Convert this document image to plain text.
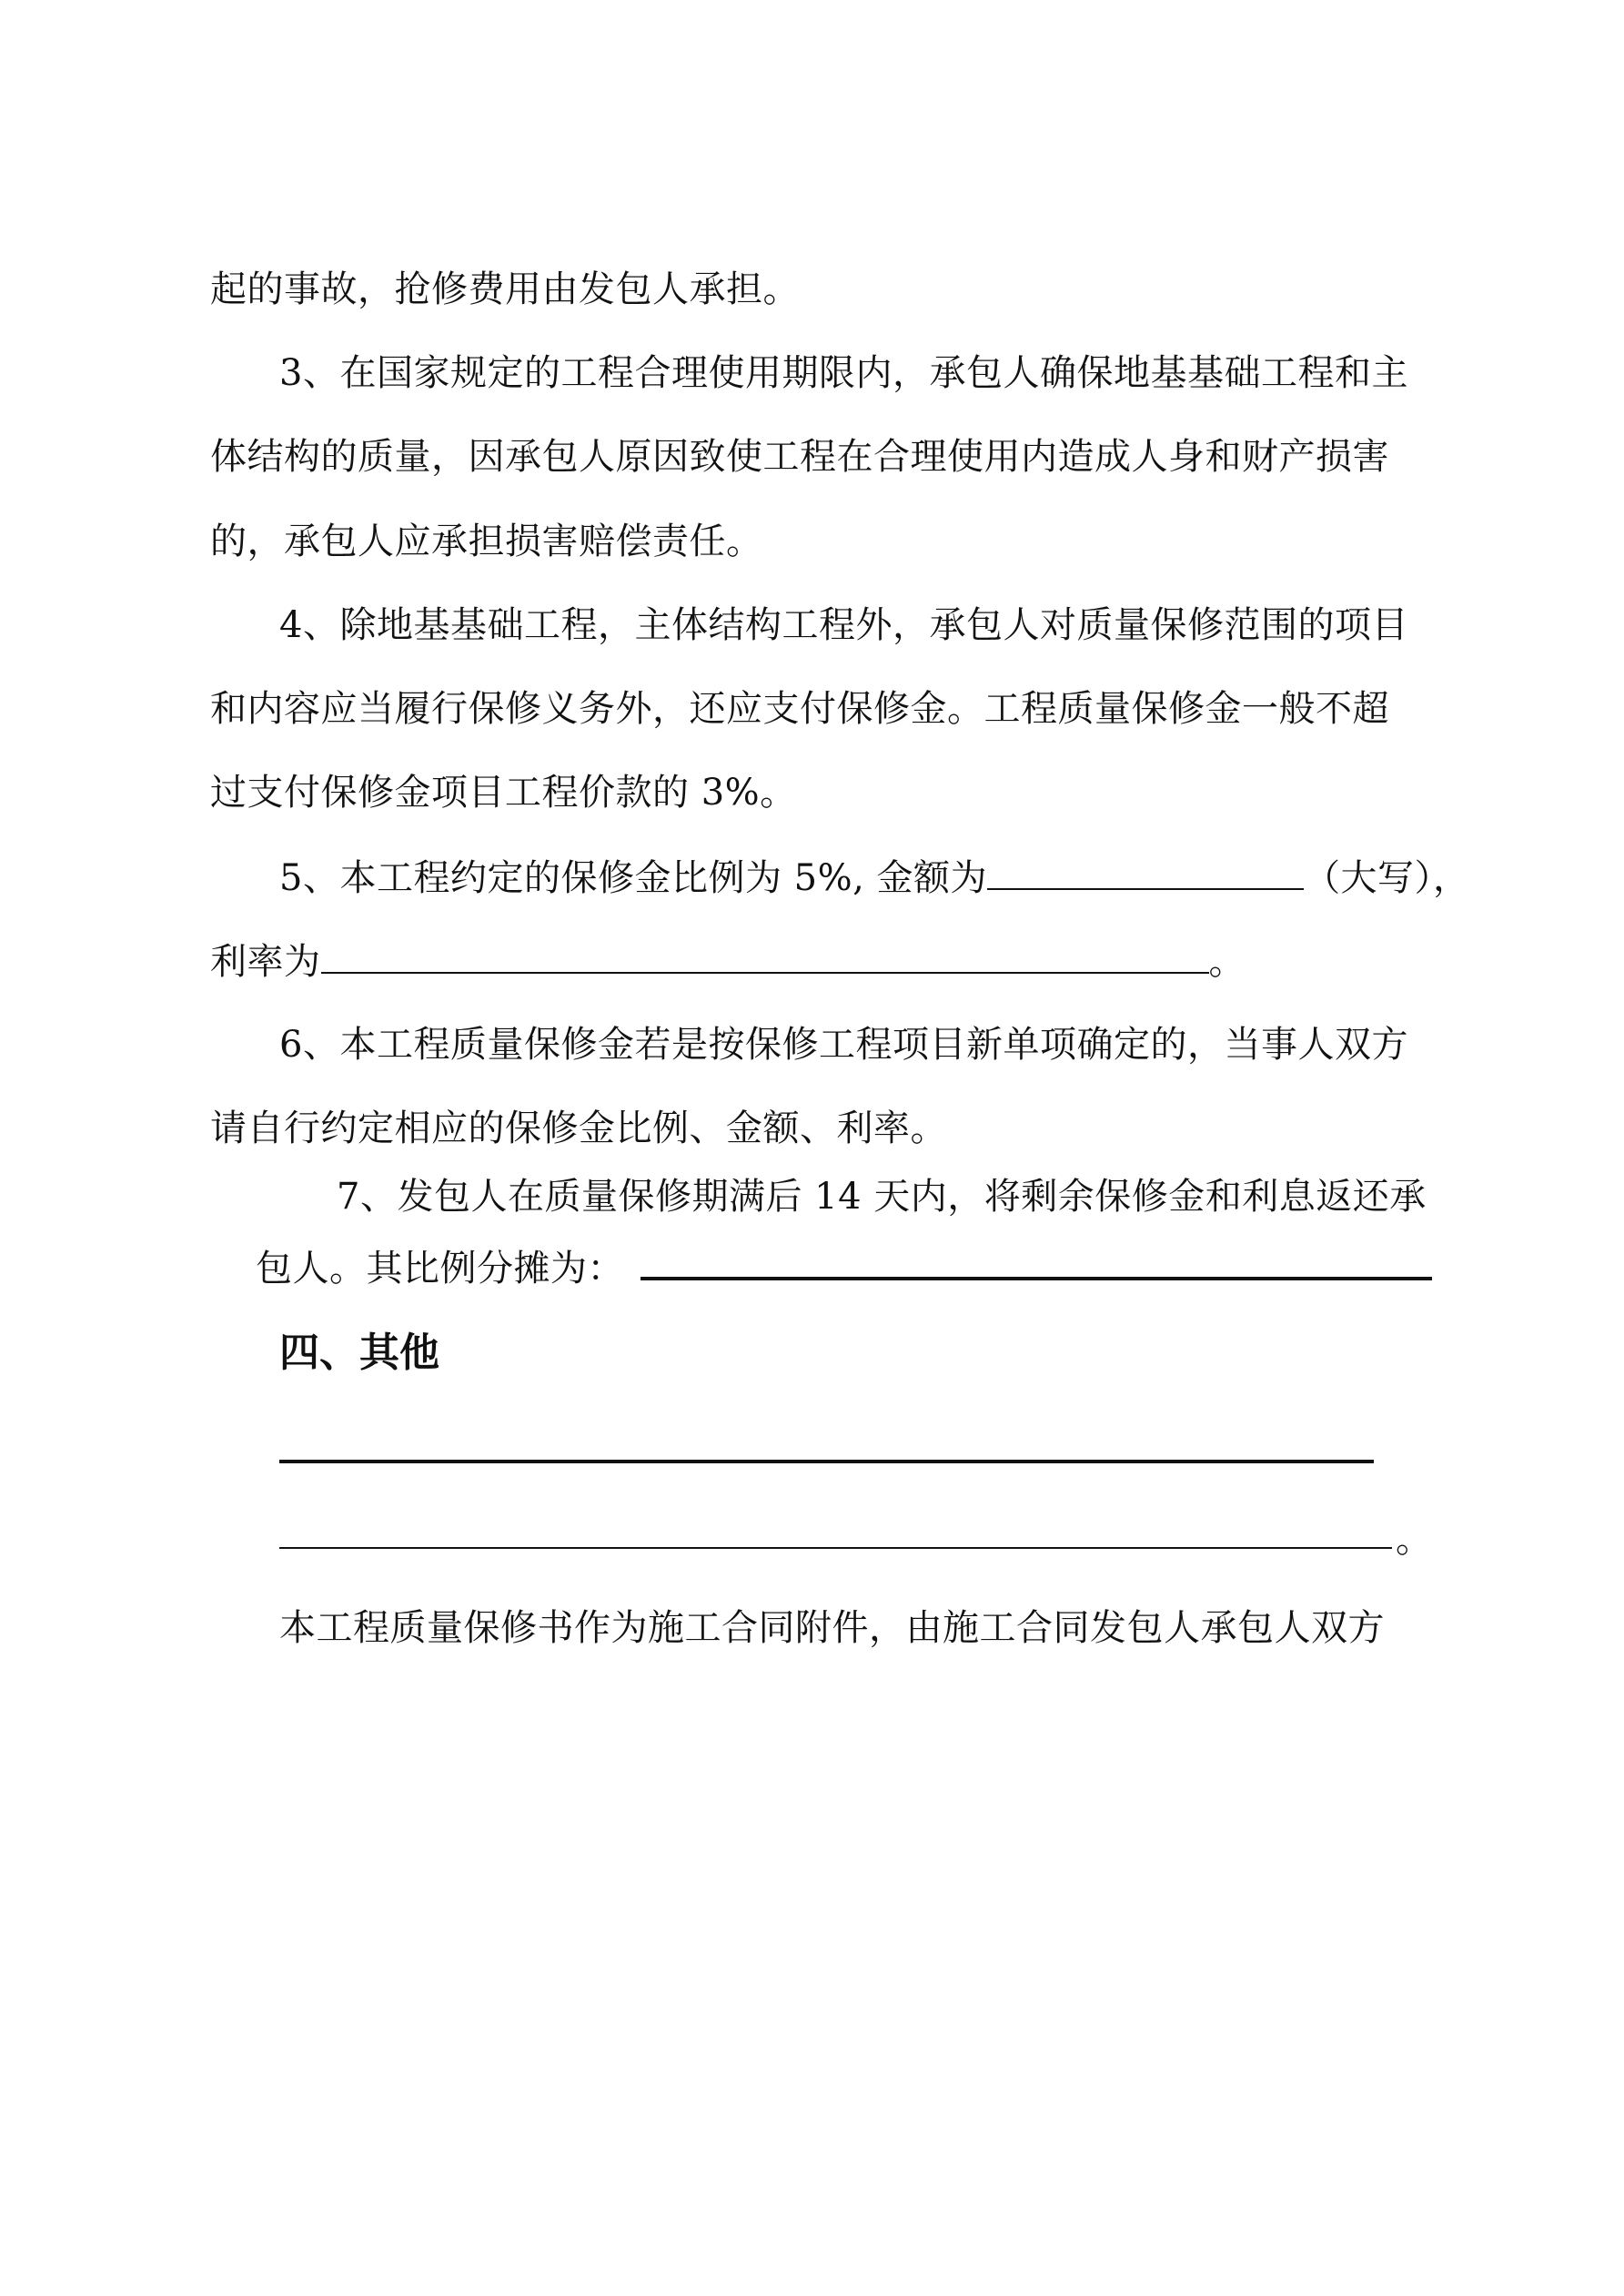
起的事故，抢修费用由发包人承担。
3、在国家规定的工程合理使用期限内，承包人确保地基基础工程和主
体结构的质量，因承包人原因致使工程在合理使用内造成人身和财产损害
的，承包人应承担损害赔偿责任。
4、除地基基础工程，主体结构工程外，承包人对质量保修范围的项目
和内容应当履行保修义务外，还应支付保修金。工程质量保修金一般不超
过支付保修金项目工程价款的 3%。
5、本工程约定的保修金比例为 5%, 金额为	（大写），
利率为	。
6、本工程质量保修金若是按保修工程项目新单项确定的，当事人双方
请自行约定相应的保修金比例、金额、利率。
7、发包人在质量保修期满后 14 天内，将剩余保修金和利息返还承
包人。其比例分摊为：
四、其他
。
本工程质量保修书作为施工合同附件，由施工合同发包人承包人双方
